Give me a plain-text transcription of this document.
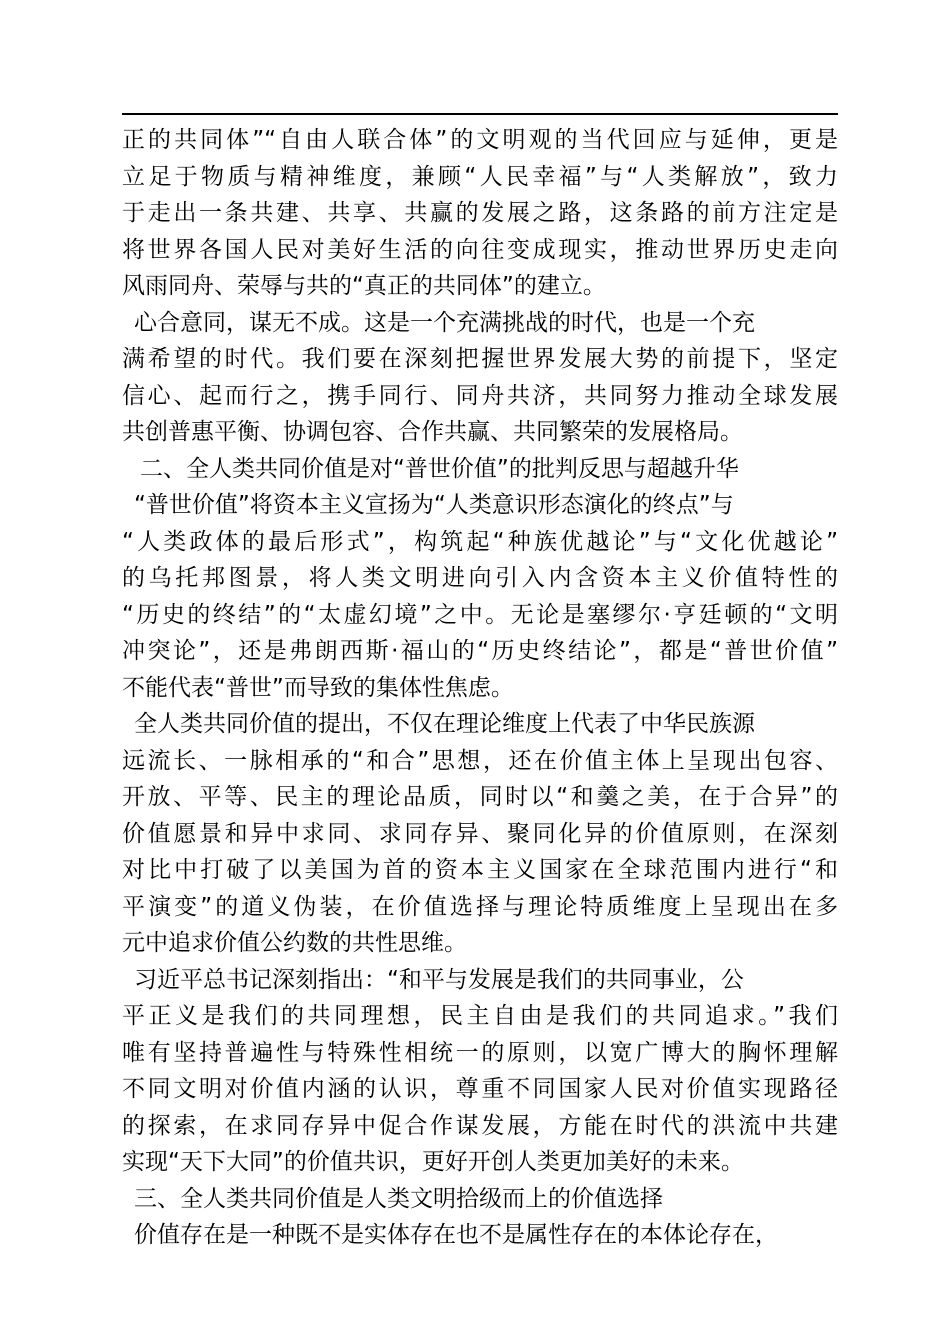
正的共同体”“自由人联合体”的文明观的当代回应与延伸，更是
立足于物质与精神维度，兼顾“人民幸福”与“人类解放”，致力
于走出一条共建、共享、共赢的发展之路，这条路的前方注定是
将世界各国人民对美好生活的向往变成现实，推动世界历史走向
风雨同舟、荣辱与共的“真正的共同体”的建立。
心合意同，谋无不成。这是一个充满挑战的时代，也是一个充
满希望的时代。我们要在深刻把握世界发展大势的前提下，坚定
信心、起而行之，携手同行、同舟共济，共同努力推动全球发展
共创普惠平衡、协调包容、合作共赢、共同繁荣的发展格局。
二、全人类共同价值是对“普世价值”的批判反思与超越升华
“普世价值”将资本主义宣扬为“人类意识形态演化的终点”与
“人类政体的最后形式”，构筑起“种族优越论”与“文化优越论”
的乌托邦图景，将人类文明进向引入内含资本主义价值特性的
“历史的终结”的“太虚幻境”之中。无论是塞缪尔·亨廷顿的“文明
冲突论”，还是弗朗西斯·福山的“历史终结论”，都是“普世价值”
不能代表“普世”而导致的集体性焦虑。
全人类共同价值的提出，不仅在理论维度上代表了中华民族源
远流长、一脉相承的“和合”思想，还在价值主体上呈现出包容、
开放、平等、民主的理论品质，同时以“和羹之美，在于合异”的
价值愿景和异中求同、求同存异、聚同化异的价值原则，在深刻
对比中打破了以美国为首的资本主义国家在全球范围内进行“和
平演变”的道义伪装，在价值选择与理论特质维度上呈现出在多
元中追求价值公约数的共性思维。
习近平总书记深刻指出：“和平与发展是我们的共同事业，公
平正义是我们的共同理想，民主自由是我们的共同追求。”我们
唯有坚持普遍性与特殊性相统一的原则，以宽广博大的胸怀理解
不同文明对价值内涵的认识，尊重不同国家人民对价值实现路径
的探索，在求同存异中促合作谋发展，方能在时代的洪流中共建
实现“天下大同”的价值共识，更好开创人类更加美好的未来。
三、全人类共同价值是人类文明拾级而上的价值选择
价值存在是一种既不是实体存在也不是属性存在的本体论存在，
